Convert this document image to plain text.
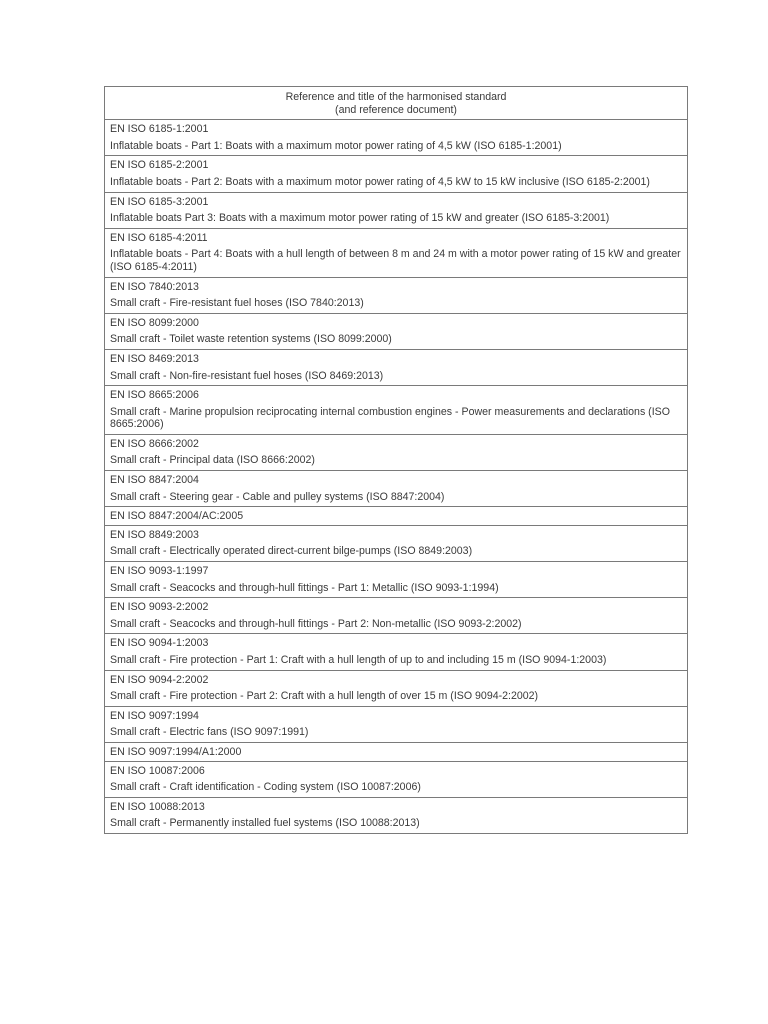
Reference and title of the harmonised standard
(and reference document)

EN ISO 6185-1:2001
Inflatable boats - Part 1: Boats with a maximum motor power rating of 4,5 kW (ISO 6185-1:2001)

EN ISO 6185-2:2001
Inflatable boats - Part 2: Boats with a maximum motor power rating of 4,5 kW to 15 kW inclusive (ISO 6185-2:2001)

EN ISO 6185-3:2001
Inflatable boats Part 3: Boats with a maximum motor power rating of 15 kW and greater (ISO 6185-3:2001)

EN ISO 6185-4:2011
Inflatable boats - Part 4: Boats with a hull length of between 8 m and 24 m with a motor power rating of 15 kW and greater (ISO 6185-4:2011)

EN ISO 7840:2013
Small craft - Fire-resistant fuel hoses (ISO 7840:2013)

EN ISO 8099:2000
Small craft - Toilet waste retention systems (ISO 8099:2000)

EN ISO 8469:2013
Small craft - Non-fire-resistant fuel hoses (ISO 8469:2013)

EN ISO 8665:2006
Small craft - Marine propulsion reciprocating internal combustion engines - Power measurements and declarations (ISO 8665:2006)

EN ISO 8666:2002
Small craft - Principal data (ISO 8666:2002)

EN ISO 8847:2004
Small craft - Steering gear - Cable and pulley systems (ISO 8847:2004)

EN ISO 8847:2004/AC:2005

EN ISO 8849:2003
Small craft - Electrically operated direct-current bilge-pumps (ISO 8849:2003)

EN ISO 9093-1:1997
Small craft - Seacocks and through-hull fittings - Part 1: Metallic (ISO 9093-1:1994)

EN ISO 9093-2:2002
Small craft - Seacocks and through-hull fittings - Part 2: Non-metallic (ISO 9093-2:2002)

EN ISO 9094-1:2003
Small craft - Fire protection - Part 1: Craft with a hull length of up to and including 15 m (ISO 9094-1:2003)

EN ISO 9094-2:2002
Small craft - Fire protection - Part 2: Craft with a hull length of over 15 m (ISO 9094-2:2002)

EN ISO 9097:1994
Small craft - Electric fans (ISO 9097:1991)

EN ISO 9097:1994/A1:2000

EN ISO 10087:2006
Small craft - Craft identification - Coding system (ISO 10087:2006)

EN ISO 10088:2013
Small craft - Permanently installed fuel systems (ISO 10088:2013)
